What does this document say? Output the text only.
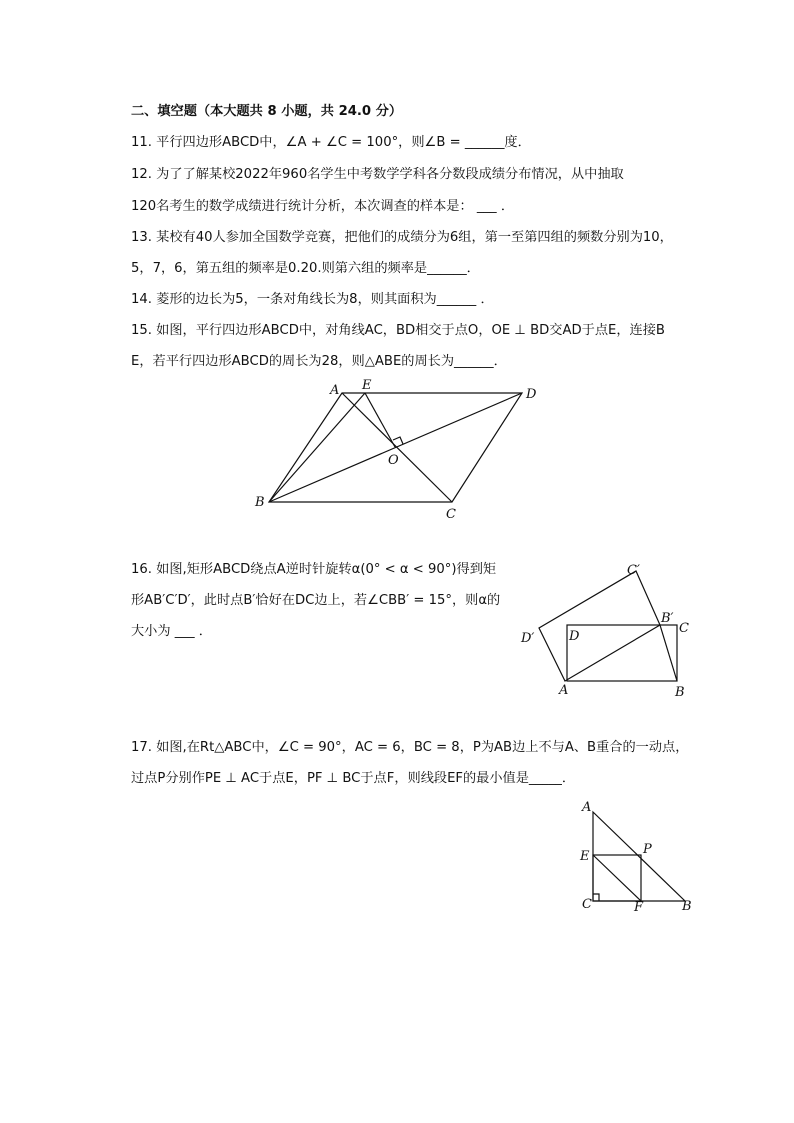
二、填空题（本大题共 8 小题，共 24.0 分）
11. 平行四边形ABCD中，∠A + ∠C = 100°，则∠B = ______度．
12. 为了了解某校2022年960名学生中考数学学科各分数段成绩分布情况，从中抽取
120名考生的数学成绩进行统计分析，本次调查的样本是： ___ ．
13. 某校有40人参加全国数学竞赛，把他们的成绩分为6组，第一至第四组的频数分别为10，
5，7，6，第五组的频率是0.20.则第六组的频率是______．
14. 菱形的边长为5，一条对角线长为8，则其面积为______ ．
15. 如图，平行四边形ABCD中，对角线AC，BD相交于点O，OE ⊥ BD交AD于点E，连接B
E，若平行四边形ABCD的周长为28，则△ABE的周长为______．
A E
D
O
B
C
16. 如图,矩形ABCD绕点A逆时针旋转α(0° < α < 90°)得到矩
形AB′C′D′，此时点B′恰好在DC边上，若∠CBB′ = 15°，则α的
大小为 ___ ．
C′
B′
C
D′	D
A	B
17. 如图,在Rt△ABC中，∠C = 90°，AC = 6，BC = 8，P为AB边上不与A、B重合的一动点，
过点P分别作PE ⊥ AC于点E，PF ⊥ BC于点F，则线段EF的最小值是_____．
A
E	P
C	F	B
